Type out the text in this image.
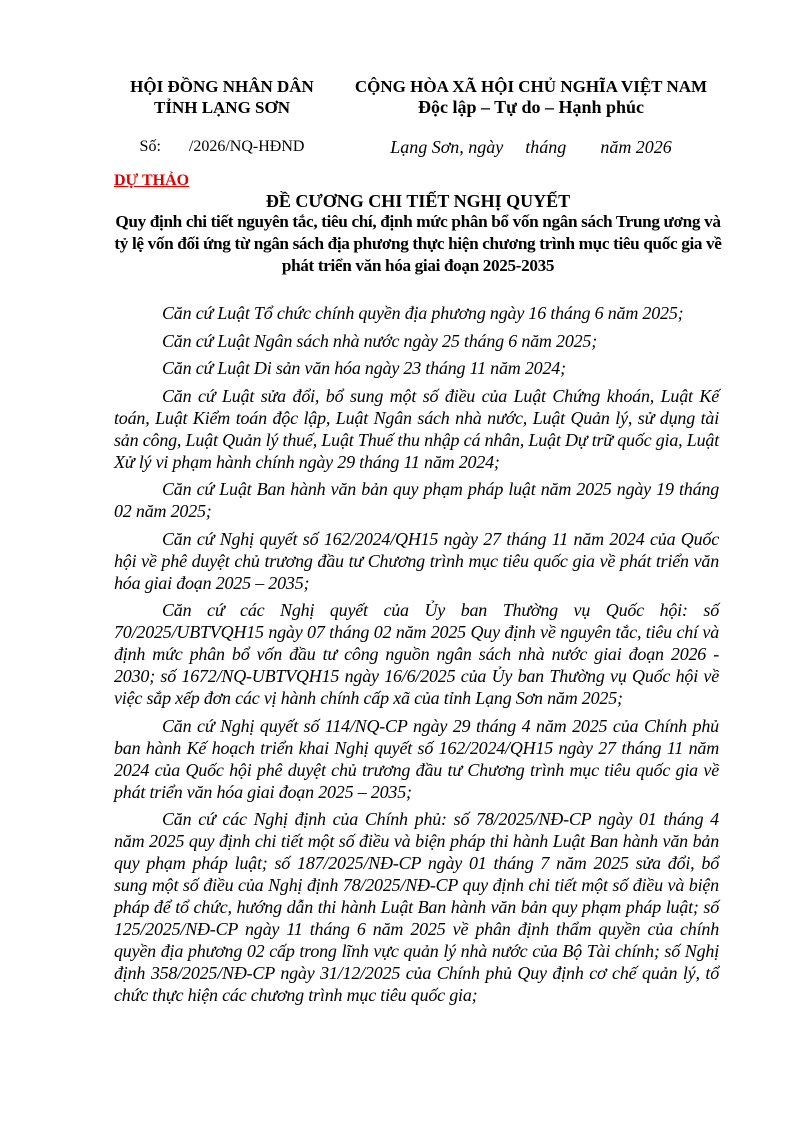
HỘI ĐỒNG NHÂN DÂN
TỈNH LẠNG SƠN
CỘNG HÒA XÃ HỘI CHỦ NGHĨA VIỆT NAM
Độc lập – Tự do – Hạnh phúc
Số: /2026/NQ-HĐND	Lạng Sơn, ngày tháng năm 2026
DỰ THẢO
ĐỀ CƯƠNG CHI TIẾT NGHỊ QUYẾT
Quy định chi tiết nguyên tắc, tiêu chí, định mức phân bổ vốn ngân sách Trung ương và tỷ lệ vốn đối ứng từ ngân sách địa phương thực hiện chương trình mục tiêu quốc gia về phát triển văn hóa giai đoạn 2025-2035

Căn cứ Luật Tổ chức chính quyền địa phương ngày 16 tháng 6 năm 2025;

Căn cứ Luật Ngân sách nhà nước ngày 25 tháng 6 năm 2025;

Căn cứ Luật Di sản văn hóa ngày 23 tháng 11 năm 2024;

Căn cứ Luật sửa đổi, bổ sung một số điều của Luật Chứng khoán, Luật Kế toán, Luật Kiểm toán độc lập, Luật Ngân sách nhà nước, Luật Quản lý, sử dụng tài sản công, Luật Quản lý thuế, Luật Thuế thu nhập cá nhân, Luật Dự trữ quốc gia, Luật Xử lý vi phạm hành chính ngày 29 tháng 11 năm 2024;

Căn cứ Luật Ban hành văn bản quy phạm pháp luật năm 2025 ngày 19 tháng 02 năm 2025;

Căn cứ Nghị quyết số 162/2024/QH15 ngày 27 tháng 11 năm 2024 của Quốc hội về phê duyệt chủ trương đầu tư Chương trình mục tiêu quốc gia về phát triển văn hóa giai đoạn 2025 – 2035;

Căn cứ các Nghị quyết của Ủy ban Thường vụ Quốc hội: số 70/2025/UBTVQH15 ngày 07 tháng 02 năm 2025 Quy định về nguyên tắc, tiêu chí và định mức phân bổ vốn đầu tư công nguồn ngân sách nhà nước giai đoạn 2026 - 2030; số 1672/NQ-UBTVQH15 ngày 16/6/2025 của Ủy ban Thường vụ Quốc hội về việc sắp xếp đơn các vị hành chính cấp xã của tỉnh Lạng Sơn năm 2025;

Căn cứ Nghị quyết số 114/NQ-CP ngày 29 tháng 4 năm 2025 của Chính phủ ban hành Kế hoạch triển khai Nghị quyết số 162/2024/QH15 ngày 27 tháng 11 năm 2024 của Quốc hội phê duyệt chủ trương đầu tư Chương trình mục tiêu quốc gia về phát triển văn hóa giai đoạn 2025 – 2035;

Căn cứ các Nghị định của Chính phủ: số 78/2025/NĐ-CP ngày 01 tháng 4 năm 2025 quy định chi tiết một số điều và biện pháp thi hành Luật Ban hành văn bản quy phạm pháp luật; số 187/2025/NĐ-CP ngày 01 tháng 7 năm 2025 sửa đổi, bổ sung một số điều của Nghị định 78/2025/NĐ-CP quy định chi tiết một số điều và biện pháp để tổ chức, hướng dẫn thi hành Luật Ban hành văn bản quy phạm pháp luật; số 125/2025/NĐ-CP ngày 11 tháng 6 năm 2025 về phân định thẩm quyền của chính quyền địa phương 02 cấp trong lĩnh vực quản lý nhà nước của Bộ Tài chính; số Nghị định 358/2025/NĐ-CP ngày 31/12/2025 của Chính phủ Quy định cơ chế quản lý, tổ chức thực hiện các chương trình mục tiêu quốc gia;
